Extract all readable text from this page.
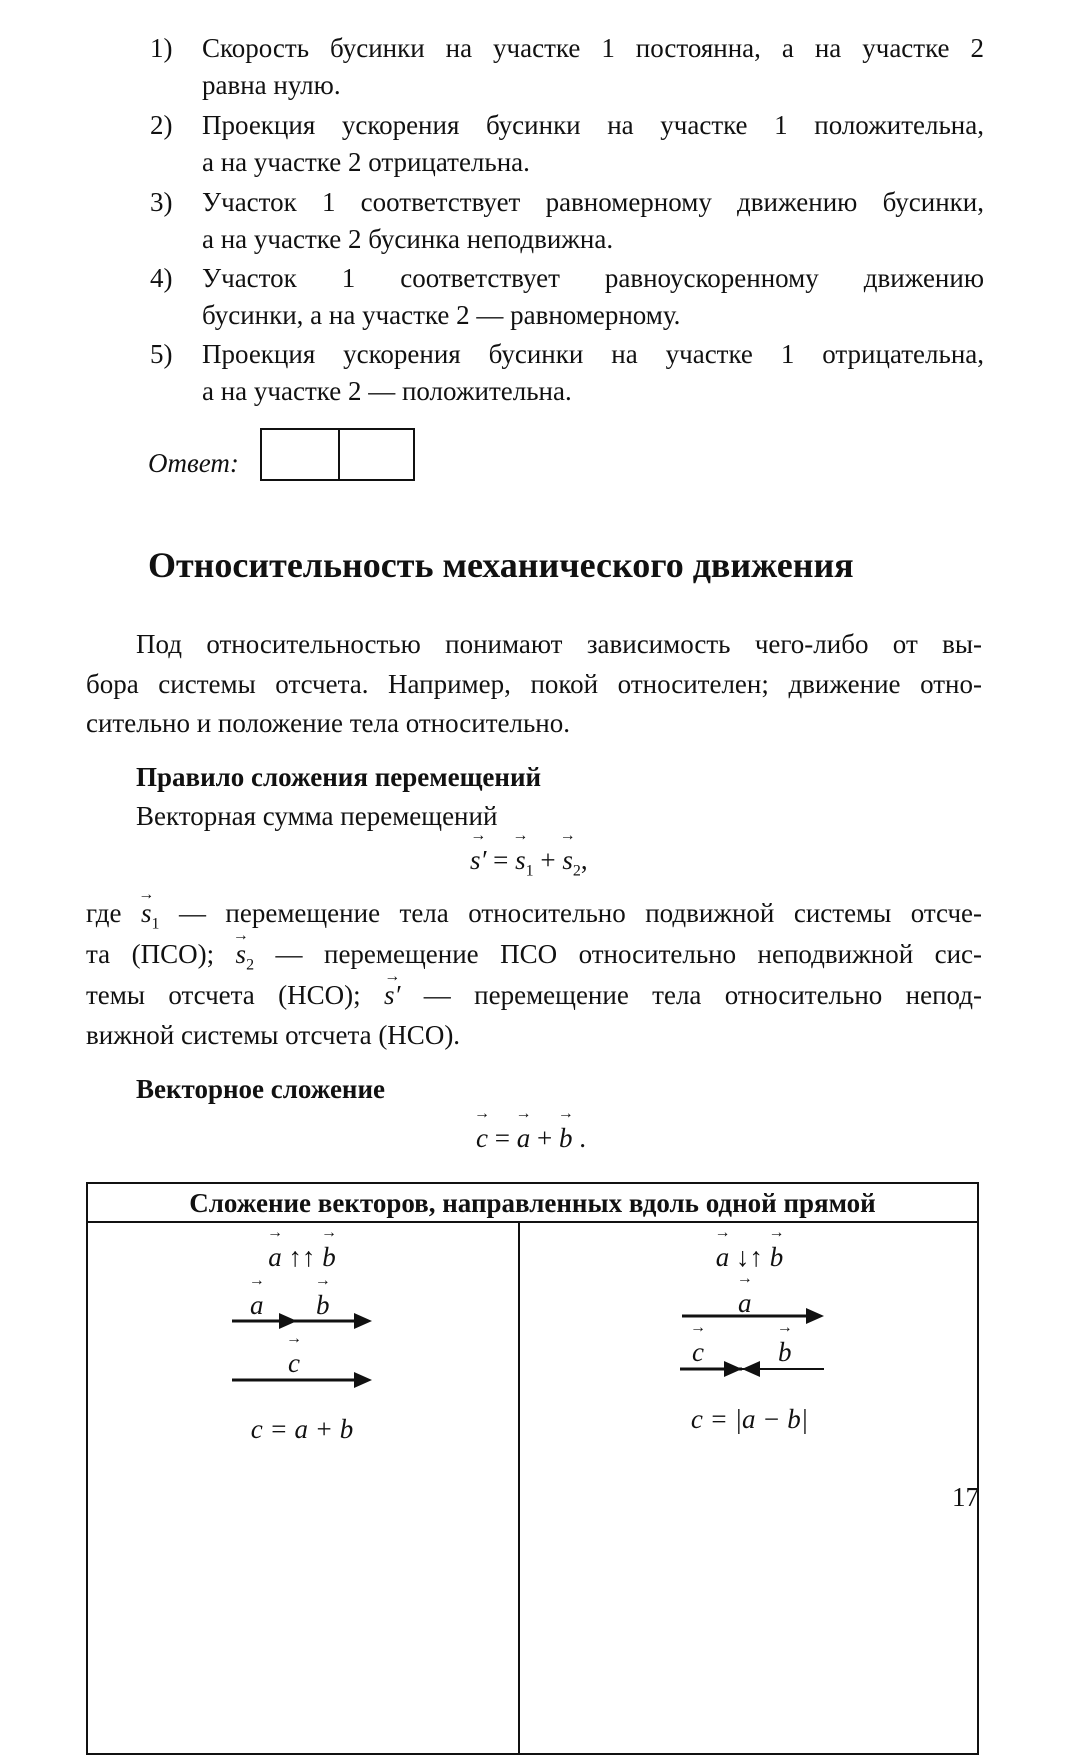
1) Скорость бусинки на участке 1 постоянна, а на участке 2
равна нулю.
2) Проекция ускорения бусинки на участке 1 положительна,
а на участке 2 отрицательна.
3) Участок 1 соответствует равномерному движению бусинки,
а на участке 2 бусинка неподвижна.
4) Участок 1 соответствует равноускоренному движению
бусинки, а на участке 2 — равномерному.
5) Проекция ускорения бусинки на участке 1 отрицательна,
а на участке 2 — положительна.
Ответ:
Относительность механического движения
Под относительностью понимают зависимость чего-либо от вы-
бора системы отсчета. Например, покой относителен; движение отно-
сительно и положение тела относительно.
Правило сложения перемещений
Векторная сумма перемещений
→ s′ = → $s_1$ + → $s_2$,
где → $s_1$ — перемещение тела относительно подвижной системы отсче-
та (ПСО); → $s_2$ — перемещение ПСО относительно неподвижной сис-
темы отсчета (НСО); → s′ — перемещение тела относительно непод-
вижной системы отсчета (НСО).
Векторное сложение
→ c = → a + → b .
Сложение векторов, направленных вдоль одной прямой
→ a ↑↑ → b
→ a → b
→ c
c = a + b
→ a ↓↑ → b
→ a
→ c	→ b
c = |a − b|
17
